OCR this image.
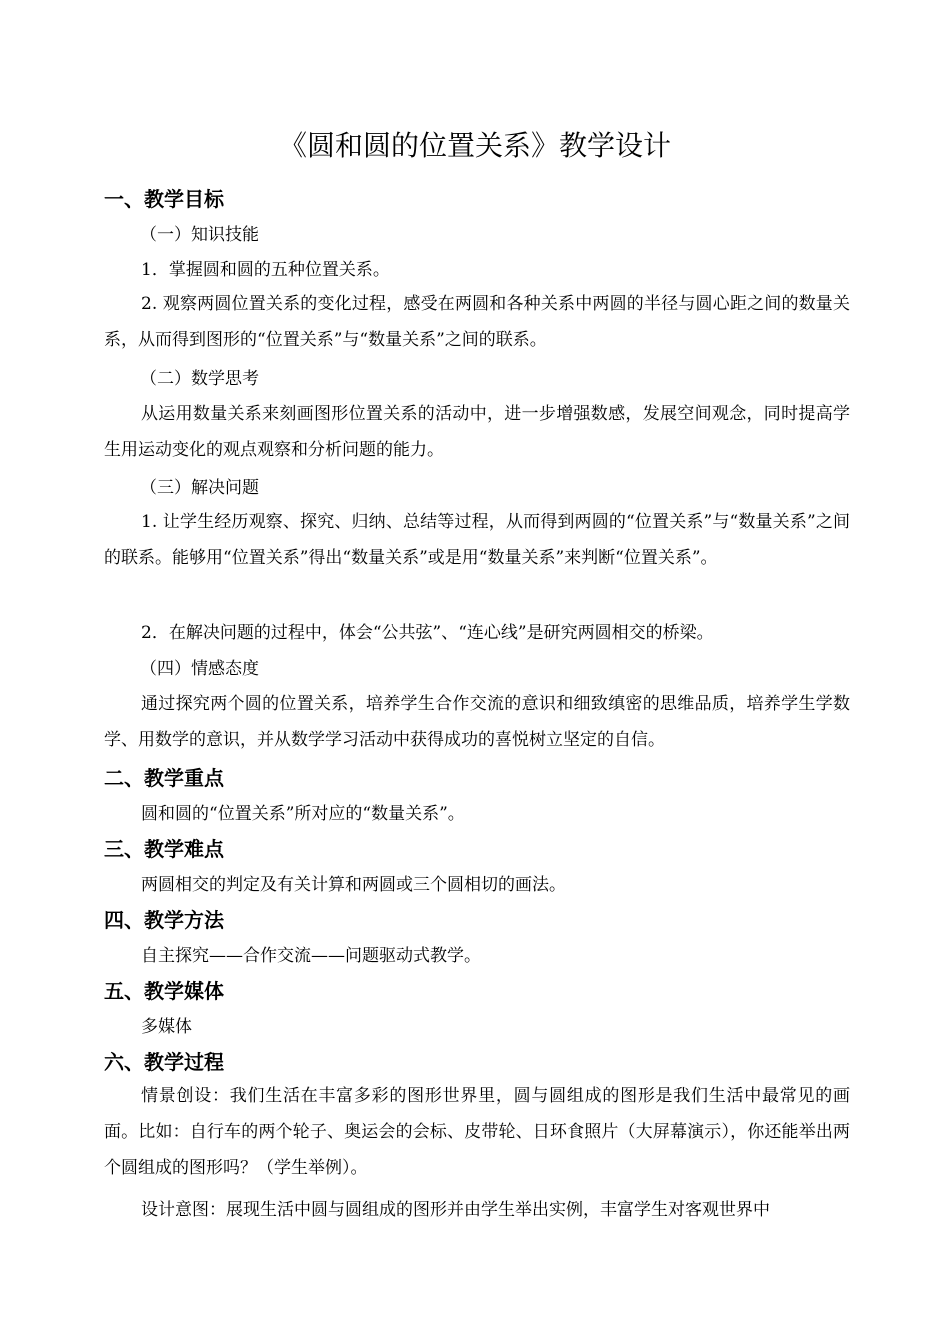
《圆和圆的位置关系》教学设计
一、教学目标
（一）知识技能
1．掌握圆和圆的五种位置关系。

2. 观察两圆位置关系的变化过程，感受在两圆和各种关系中两圆的半径与圆心距之间的数量关系，从而得到图形的“位置关系”与“数量关系”之间的联系。

（二）数学思考

从运用数量关系来刻画图形位置关系的活动中，进一步增强数感，发展空间观念，同时提高学生用运动变化的观点观察和分析问题的能力。

（三）解决问题

1. 让学生经历观察、探究、归纳、总结等过程，从而得到两圆的“位置关系”与“数量关系”之间的联系。能够用“位置关系”得出“数量关系”或是用“数量关系”来判断“位置关系”。

2．在解决问题的过程中，体会“公共弦”、“连心线”是研究两圆相交的桥梁。
（四）情感态度

通过探究两个圆的位置关系，培养学生合作交流的意识和细致缜密的思维品质，培养学生学数学、用数学的意识，并从数学学习活动中获得成功的喜悦树立坚定的自信。

二、教学重点
圆和圆的“位置关系”所对应的“数量关系”。
三、教学难点
两圆相交的判定及有关计算和两圆或三个圆相切的画法。
四、教学方法
自主探究——合作交流——问题驱动式教学。
五、教学媒体
多媒体
六、教学过程

情景创设：我们生活在丰富多彩的图形世界里，圆与圆组成的图形是我们生活中最常见的画面。比如：自行车的两个轮子、奥运会的会标、皮带轮、日环食照片（大屏幕演示），你还能举出两个圆组成的图形吗？（学生举例）。

设计意图：展现生活中圆与圆组成的图形并由学生举出实例，丰富学生对客观世界中
